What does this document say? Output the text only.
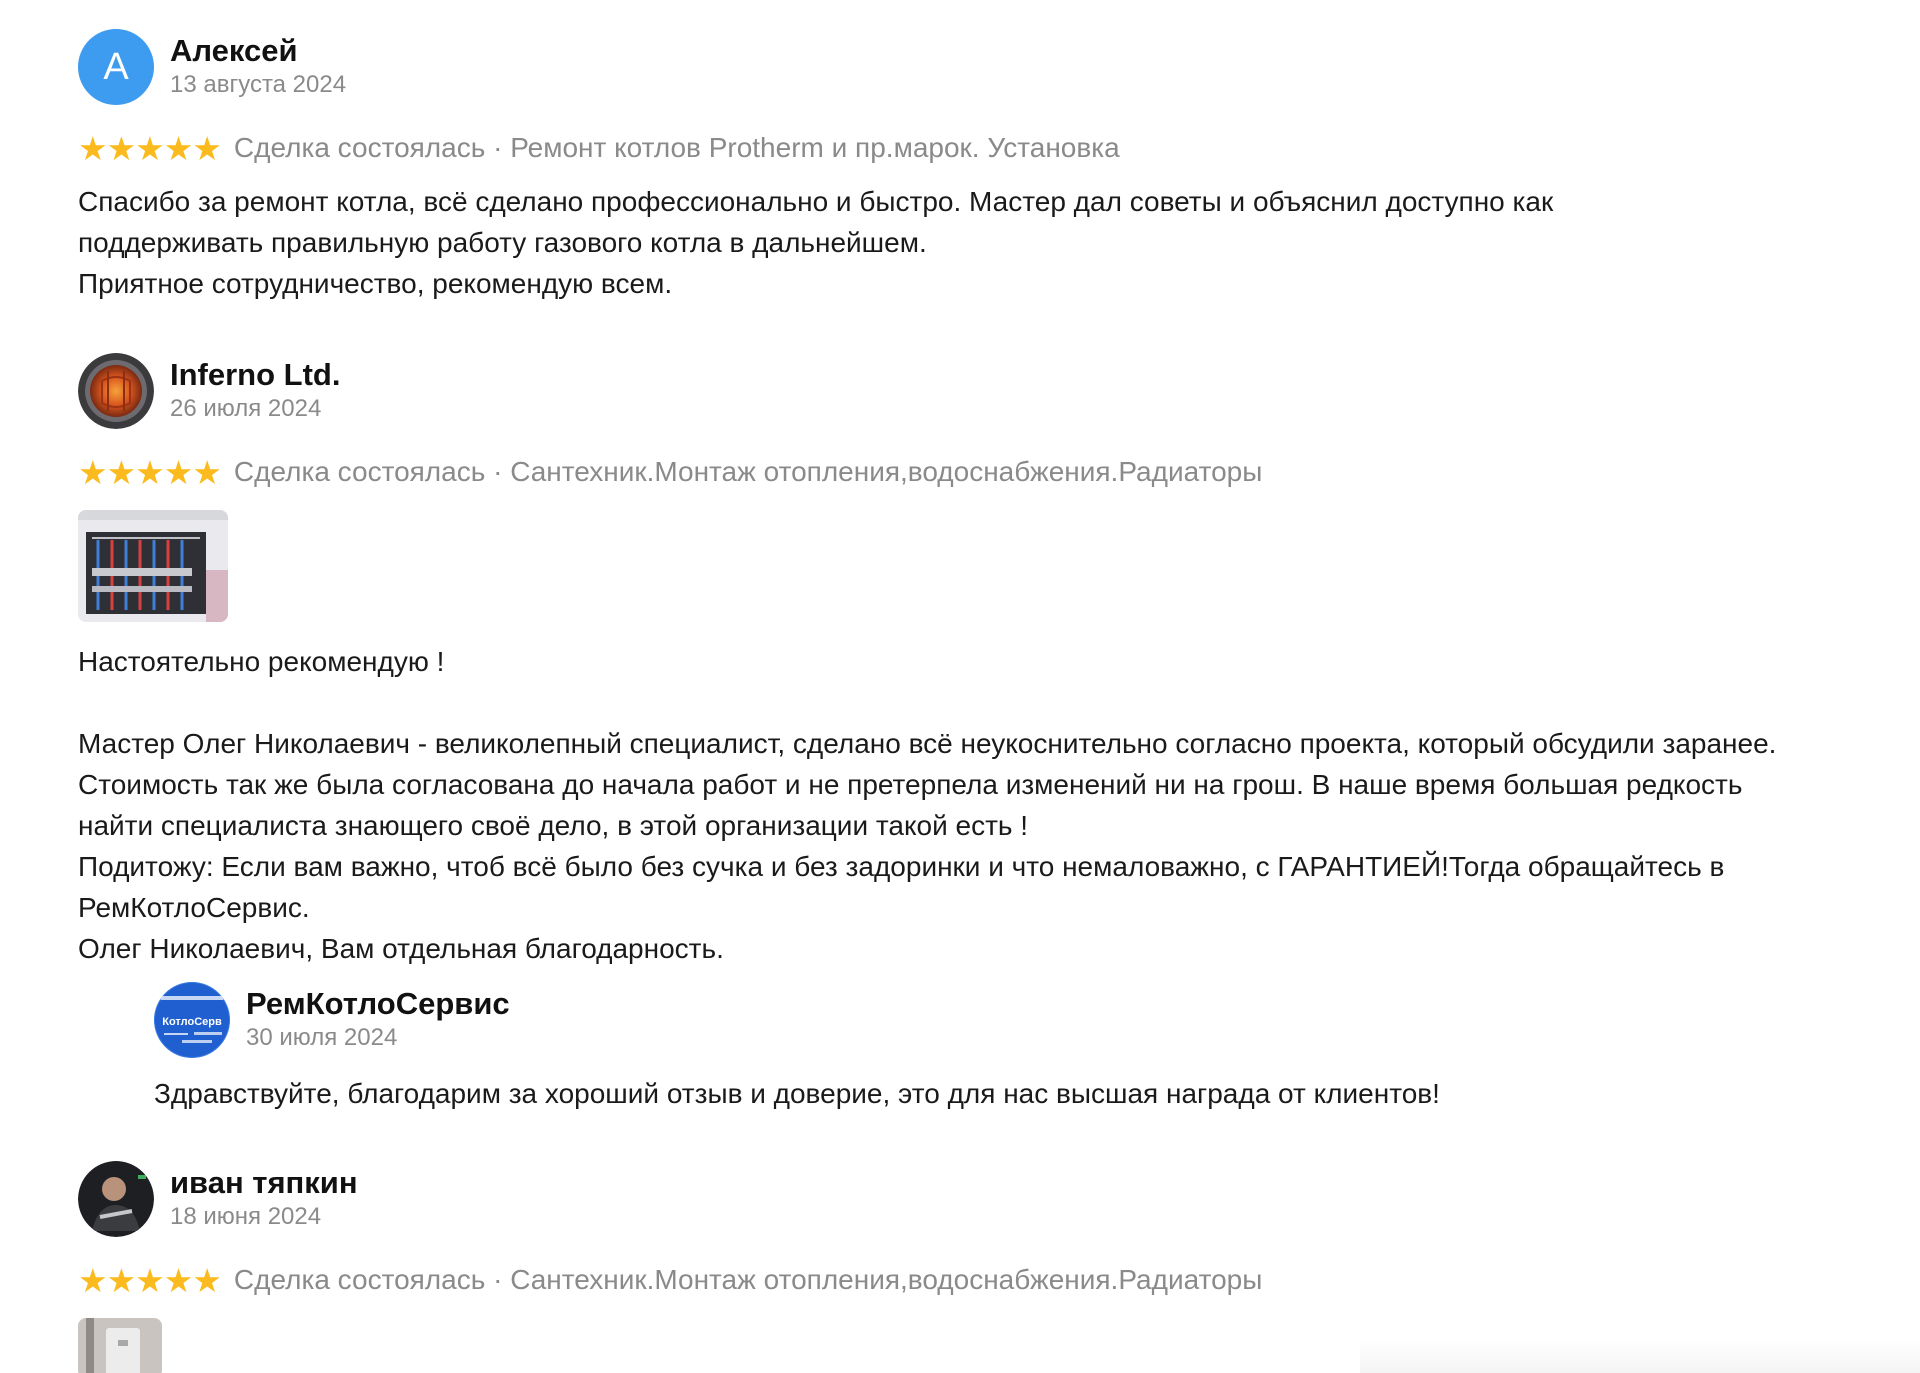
А Алексей
13 августа 2024
★★★★★ Сделка состоялась · Ремонт котлов Protherm и пр.марок. Установка
Спасибо за ремонт котла, всё сделано профессионально и быстро. Мастер дал советы и объяснил доступно как поддерживать правильную работу газового котла в дальнейшем.
Приятное сотрудничество, рекомендую всем.
Inferno Ltd.
26 июля 2024
★★★★★ Сделка состоялась · Сантехник.Монтаж отопления,водоснабжения.Радиаторы
Настоятельно рекомендую !
Мастер Олег Николаевич - великолепный специалист, сделано всё неукоснительно согласно проекта, который обсудили заранее. Стоимость так же была согласована до начала работ и не претерпела изменений ни на грош. В наше время большая редкость найти специалиста знающего своё дело, в этой организации такой есть !
Подитожу: Если вам важно, чтоб всё было без сучка и без задоринки и что немаловажно, с ГАРАНТИЕЙ!Тогда обращайтесь в РемКотлоСервис.
Олег Николаевич, Вам отдельная благодарность.
КотлоСерв
РемКотлоСервис
30 июля 2024
Здравствуйте, благодарим за хороший отзыв и доверие, это для нас высшая награда от клиентов!
иван тяпкин
18 июня 2024
★★★★★ Сделка состоялась · Сантехник.Монтаж отопления,водоснабжения.Радиаторы
